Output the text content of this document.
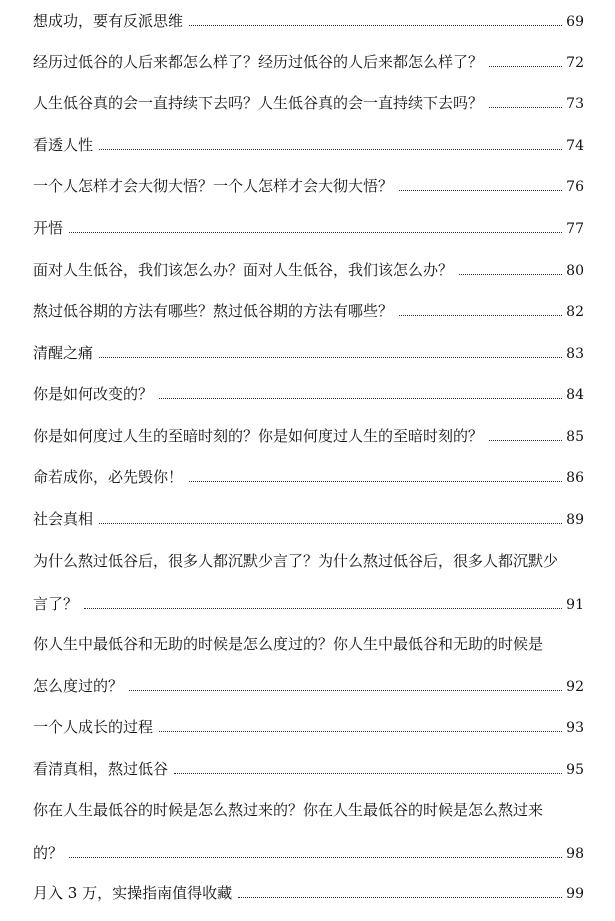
想成功，要有反派思维	69
经历过低谷的人后来都怎么样了？经历过低谷的人后来都怎么样了？	72
人生低谷真的会一直持续下去吗？人生低谷真的会一直持续下去吗？	73
看透人性	74
一个人怎样才会大彻大悟？一个人怎样才会大彻大悟？	76
开悟	77
面对人生低谷，我们该怎么办？面对人生低谷，我们该怎么办？	80
熬过低谷期的方法有哪些？熬过低谷期的方法有哪些？	82
清醒之痛	83
你是如何改变的？	84
你是如何度过人生的至暗时刻的？你是如何度过人生的至暗时刻的？	85
命若成你，必先毁你！	86
社会真相	89
为什么熬过低谷后，很多人都沉默少言了？为什么熬过低谷后，很多人都沉默少
言了？	91
你人生中最低谷和无助的时候是怎么度过的？你人生中最低谷和无助的时候是
怎么度过的？	92
一个人成长的过程	93
看清真相，熬过低谷	95
你在人生最低谷的时候是怎么熬过来的？你在人生最低谷的时候是怎么熬过来
的？	98
月入 3 万，实操指南值得收藏	99
